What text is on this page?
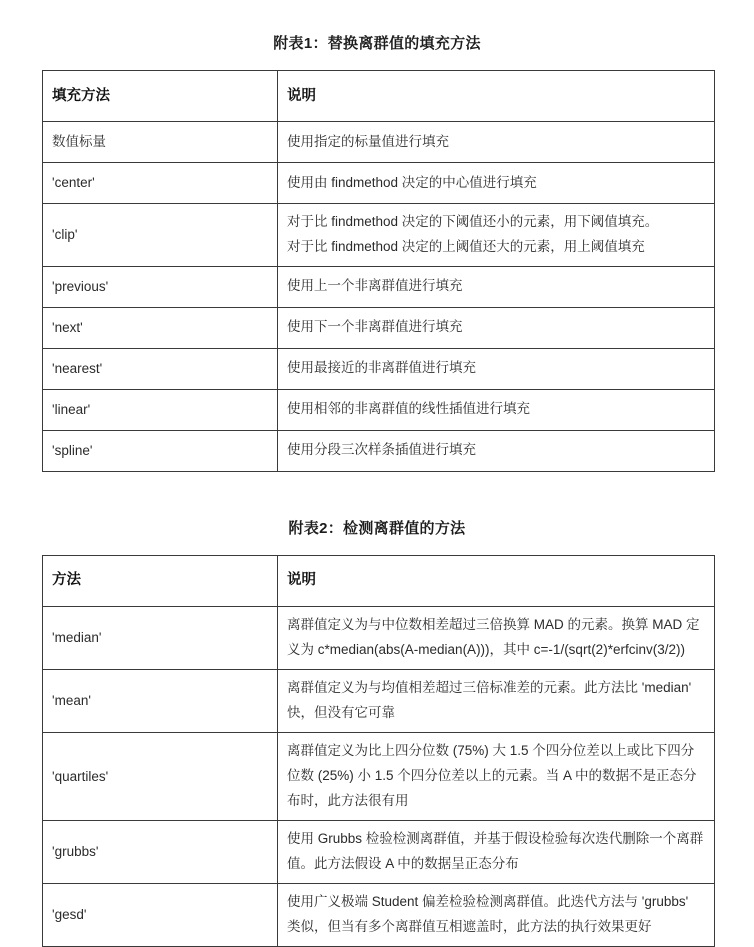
附表1：替换离群值的填充方法
填充方法	说明
数值标量	使用指定的标量值进行填充

'center'	使用由 findmethod 决定的中心值进行填充

'clip'	对于比 findmethod 决定的下阈值还小的元素，用下阈值填充。
对于比 findmethod 决定的上阈值还大的元素，用上阈值填充

'previous'	使用上一个非离群值进行填充

'next'	使用下一个非离群值进行填充

'nearest'	使用最接近的非离群值进行填充

'linear'	使用相邻的非离群值的线性插值进行填充

'spline'	使用分段三次样条插值进行填充
附表2：检测离群值的方法
方法	说明
'median'	离群值定义为与中位数相差超过三倍换算 MAD 的元素。换算 MAD 定义为 c*median(abs(A-median(A)))，其中 c=-1/(sqrt(2)*erfcinv(3/2))
'mean'	离群值定义为与均值相差超过三倍标准差的元素。此方法比 'median' 快，但没有它可靠
'quartiles'	离群值定义为比上四分位数 (75%) 大 1.5 个四分位差以上或比下四分位数 (25%) 小 1.5 个四分位差以上的元素。当 A 中的数据不是正态分布时，此方法很有用
'grubbs'	使用 Grubbs 检验检测离群值，并基于假设检验每次迭代删除一个离群值。此方法假设 A 中的数据呈正态分布
'gesd'	使用广义极端 Student 偏差检验检测离群值。此迭代方法与 'grubbs' 类似，但当有多个离群值互相遮盖时，此方法的执行效果更好
